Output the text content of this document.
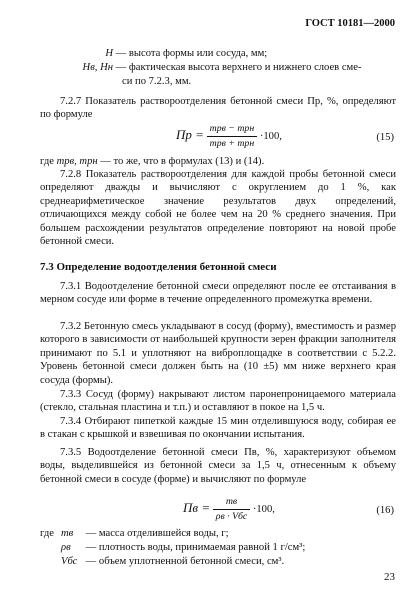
ГОСТ 10181—2000
Н — высота формы или сосуда, мм;
Нв, Нн — фактическая высота верхнего и нижнего слоев сме-
си по 7.2.3, мм.
7.2.7 Показатель раствороотделения бетонной смеси Пр, %, определяют по формуле
Пр = $\frac{\text{mрв − mрн}}{\text{mрв + mрн}} \cdot 100$,	(15)
где mрв, mрн — то же, что в формулах (13) и (14).
7.2.8 Показатель раствороотделения для каждой пробы бетонной смеси определяют дважды и вычисляют с округлением до 1 %, как среднеарифметическое значение результатов двух определений, отличающихся между собой не более чем на 20 % среднего значения. При большем расхождении результатов определение повторяют на новой пробе бетонной смеси.
7.3 Определение водоотделения бетонной смеси
7.3.1 Водоотделение бетонной смеси определяют после ее отстаивания в мерном сосуде или форме в течение определенного промежутка времени.
7.3.2 Бетонную смесь укладывают в сосуд (форму), вместимость и размер которого в зависимости от наибольшей крупности зерен фракции заполнителя принимают по 5.1 и уплотняют на виброплощадке в соответствии с 5.2.2. Уровень бетонной смеси должен быть на (10 ±5) мм ниже верхнего края сосуда (формы).
7.3.3 Сосуд (форму) накрывают листом паронепроницаемого материала (стекло, стальная пластина и т.п.) и оставляют в покое на 1,5 ч.
7.3.4 Отбирают пипеткой каждые 15 мин отделившуюся воду, собирая ее в стакан с крышкой и взвешивая по окончании испытания.
7.3.5 Водоотделение бетонной смеси Пв, %, характеризуют объемом воды, выделившейся из бетонной смеси за 1,5 ч, отнесенным к объему бетонной смеси в сосуде (форме) и вычисляют по формуле
Пв = $\frac{mв}{\text{ρв · Vбс}} \cdot 100$,	(16)
где mв — масса отделившейся воды, г;
ρв — плотность воды, принимаемая равной 1 г/см³;
Vбс — объем уплотненной бетонной смеси, см³.
23
